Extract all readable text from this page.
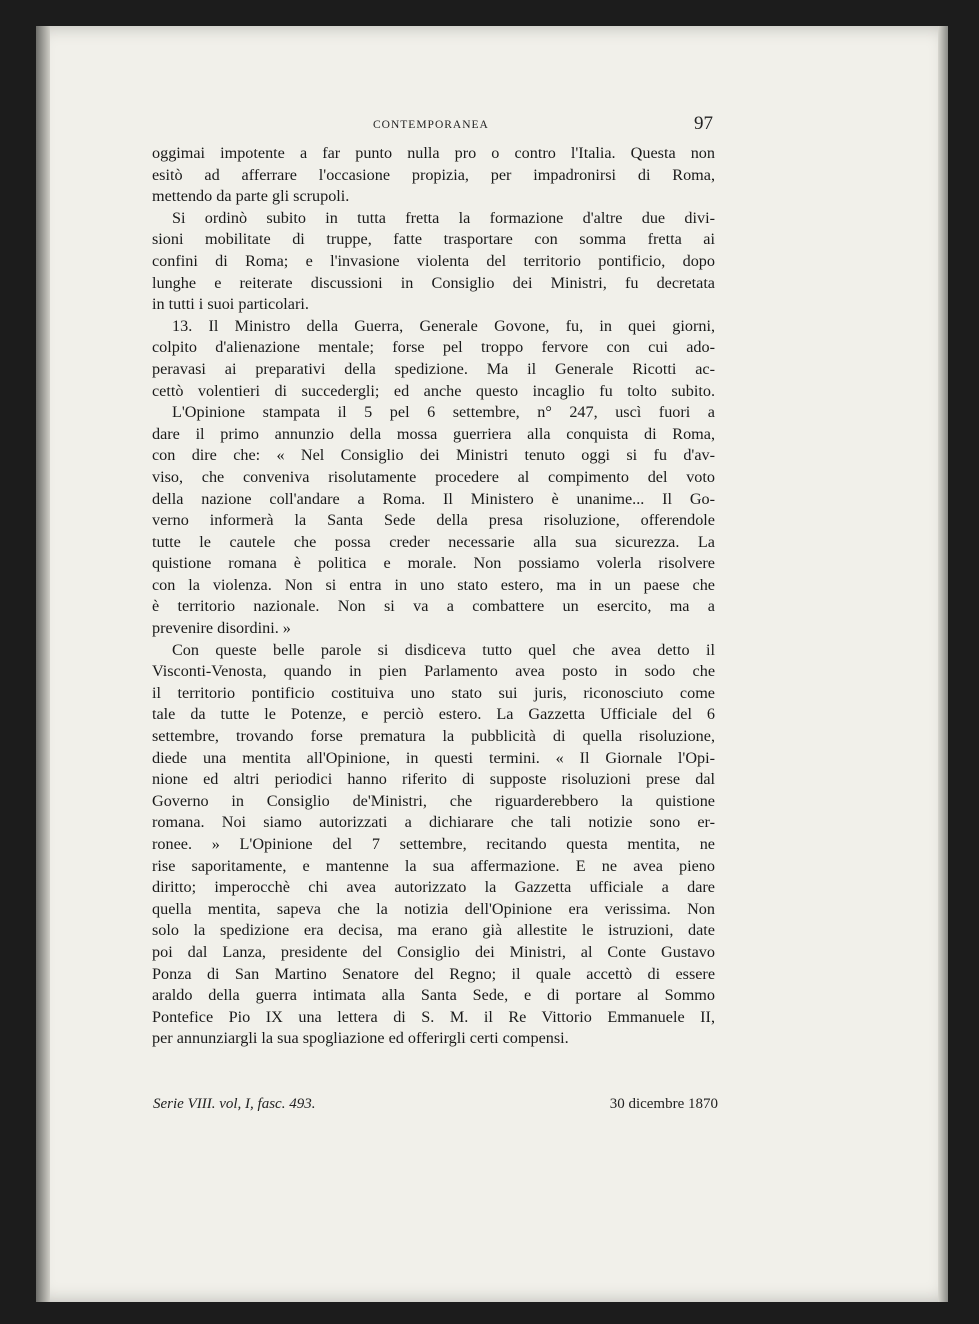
CONTEMPORANEA	97
oggimai impotente a far punto nulla pro o contro l'Italia. Questa non
esitò ad afferrare l'occasione propizia, per impadronirsi di Roma,
mettendo da parte gli scrupoli.
Si ordinò subito in tutta fretta la formazione d'altre due divi-
sioni mobilitate di truppe, fatte trasportare con somma fretta ai
confini di Roma; e l'invasione violenta del territorio pontificio, dopo
lunghe e reiterate discussioni in Consiglio dei Ministri, fu decretata
in tutti i suoi particolari.
13. Il Ministro della Guerra, Generale Govone, fu, in quei giorni,
colpito d'alienazione mentale; forse pel troppo fervore con cui ado-
peravasi ai preparativi della spedizione. Ma il Generale Ricotti ac-
cettò volentieri di succedergli; ed anche questo incaglio fu tolto subito.
L'Opinione stampata il 5 pel 6 settembre, n° 247, uscì fuori a
dare il primo annunzio della mossa guerriera alla conquista di Roma,
con dire che: « Nel Consiglio dei Ministri tenuto oggi si fu d'av-
viso, che conveniva risolutamente procedere al compimento del voto
della nazione coll'andare a Roma. Il Ministero è unanime... Il Go-
verno informerà la Santa Sede della presa risoluzione, offerendole
tutte le cautele che possa creder necessarie alla sua sicurezza. La
quistione romana è politica e morale. Non possiamo volerla risolvere
con la violenza. Non si entra in uno stato estero, ma in un paese che
è territorio nazionale. Non si va a combattere un esercito, ma a
prevenire disordini. »
Con queste belle parole si disdiceva tutto quel che avea detto il
Visconti-Venosta, quando in pien Parlamento avea posto in sodo che
il territorio pontificio costituiva uno stato sui juris, riconosciuto come
tale da tutte le Potenze, e perciò estero. La Gazzetta Ufficiale del 6
settembre, trovando forse prematura la pubblicità di quella risoluzione,
diede una mentita all'Opinione, in questi termini. « Il Giornale l'Opi-
nione ed altri periodici hanno riferito di supposte risoluzioni prese dal
Governo in Consiglio de'Ministri, che riguarderebbero la quistione
romana. Noi siamo autorizzati a dichiarare che tali notizie sono er-
ronee. » L'Opinione del 7 settembre, recitando questa mentita, ne
rise saporitamente, e mantenne la sua affermazione. E ne avea pieno
diritto; imperocchè chi avea autorizzato la Gazzetta ufficiale a dare
quella mentita, sapeva che la notizia dell'Opinione era verissima. Non
solo la spedizione era decisa, ma erano già allestite le istruzioni, date
poi dal Lanza, presidente del Consiglio dei Ministri, al Conte Gustavo
Ponza di San Martino Senatore del Regno; il quale accettò di essere
araldo della guerra intimata alla Santa Sede, e di portare al Sommo
Pontefice Pio IX una lettera di S. M. il Re Vittorio Emmanuele II,
per annunziargli la sua spogliazione ed offerirgli certi compensi.
Serie VIII. vol, I, fasc. 493.	30 dicembre 1870
